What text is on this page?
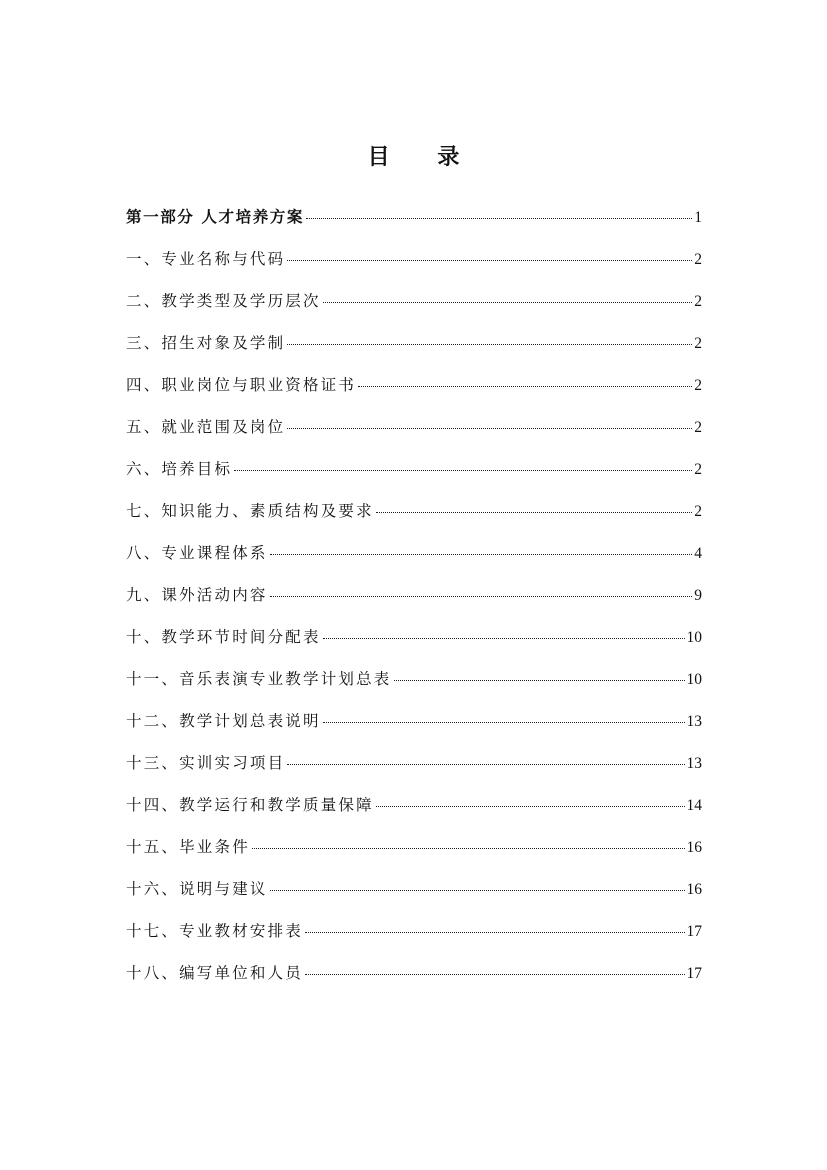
目 录
第一部分 人才培养方案	1
一、专业名称与代码	2
二、教学类型及学历层次	2
三、招生对象及学制	2
四、职业岗位与职业资格证书	2
五、就业范围及岗位	2
六、培养目标	2
七、知识能力、素质结构及要求	2
八、专业课程体系	4
九、课外活动内容	9
十、教学环节时间分配表	10
十一、音乐表演专业教学计划总表	10
十二、教学计划总表说明	13
十三、实训实习项目	13
十四、教学运行和教学质量保障	14
十五、毕业条件	16
十六、说明与建议	16
十七、专业教材安排表	17
十八、编写单位和人员	17
